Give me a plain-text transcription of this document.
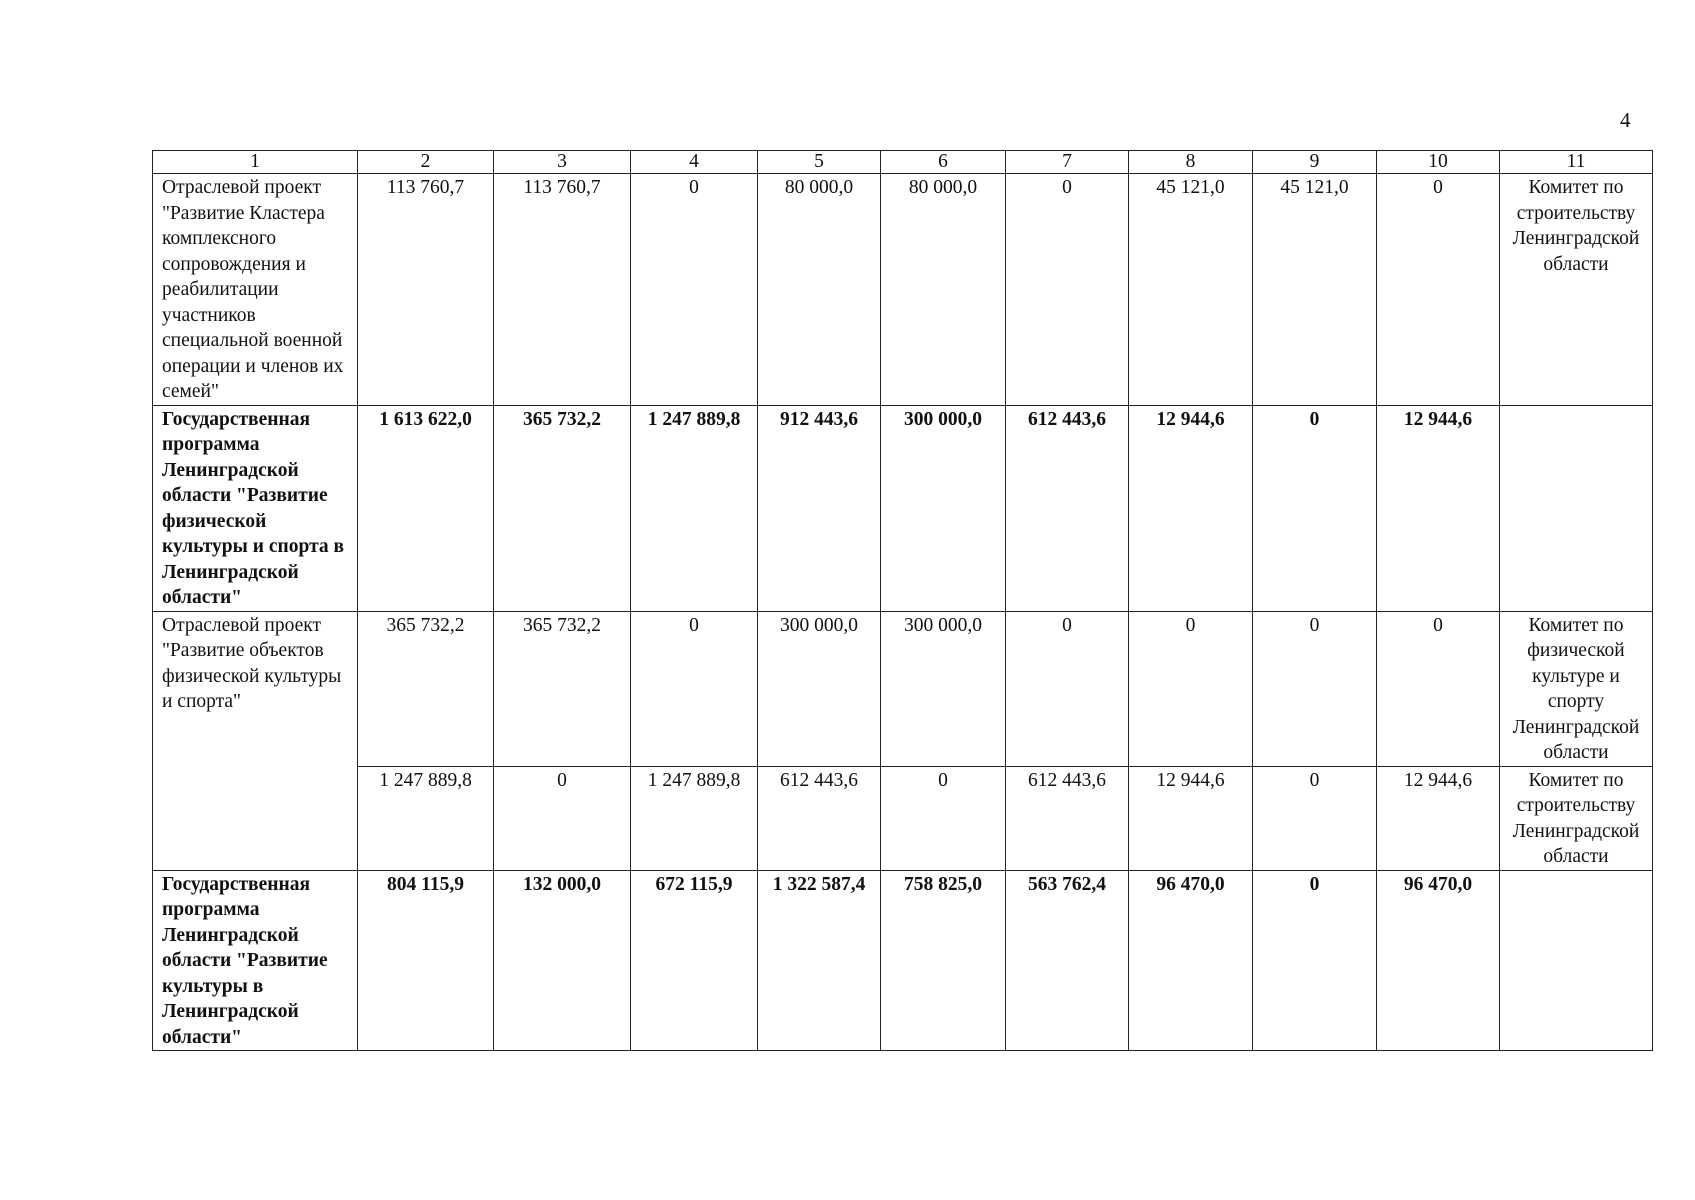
4
1	2	3	4	5	6	7	8	9	10	11
Отраслевой проект "Развитие Кластера комплексного сопровождения и реабилитации участников специальной военной операции и членов их семей"	113 760,7	113 760,7	0	80 000,0	80 000,0	0	45 121,0	45 121,0	0	Комитет по строительству Ленинградской области
Государственная программа Ленинградской области "Развитие физической культуры и спорта в Ленинградской области"	1 613 622,0	365 732,2	1 247 889,8	912 443,6	300 000,0	612 443,6	12 944,6	0	12 944,6	
Отраслевой проект "Развитие объектов физической культуры и спорта"	365 732,2	365 732,2	0	300 000,0	300 000,0	0	0	0	0	Комитет по физической культуре и спорту Ленинградской области
	1 247 889,8	0	1 247 889,8	612 443,6	0	612 443,6	12 944,6	0	12 944,6	Комитет по строительству Ленинградской области
Государственная программа Ленинградской области "Развитие культуры в Ленинградской области"	804 115,9	132 000,0	672 115,9	1 322 587,4	758 825,0	563 762,4	96 470,0	0	96 470,0	
